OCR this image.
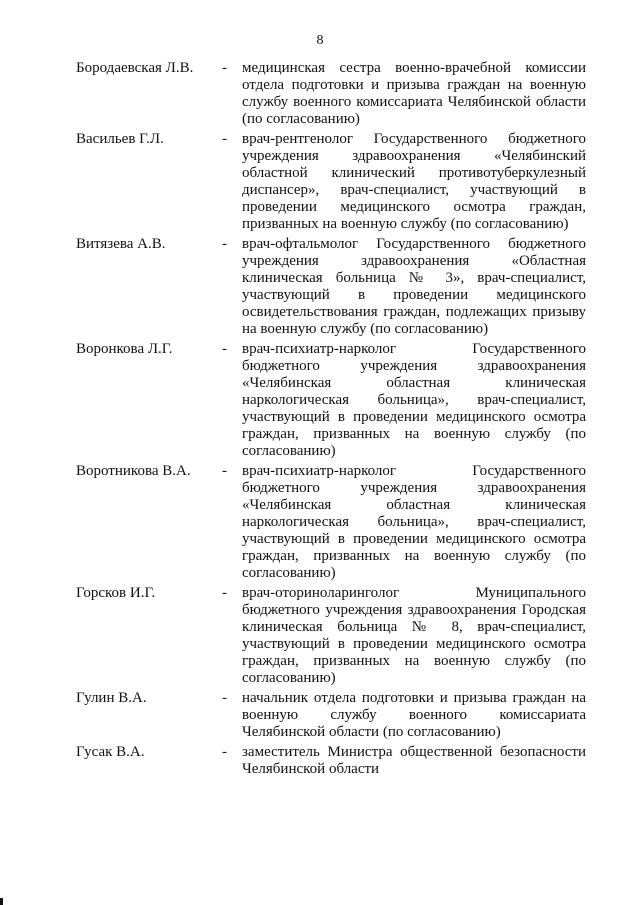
8
Бородаевская Л.В.	-	медицинская сестра военно-врачебной комиссии отдела подготовки и призыва граждан на военную службу военного комиссариата Челябинской области (по согласованию)
Васильев Г.Л.	-	врач-рентгенолог Государственного бюджетного учреждения здравоохранения «Челябинский областной клинический противотуберкулезный диспансер», врач-специалист, участвующий в проведении медицинского осмотра граждан, призванных на военную службу (по согласованию)
Витязева А.В.	-	врач-офтальмолог Государственного бюджетного учреждения здравоохранения «Областная клиническая больница № 3», врач-специалист, участвующий в проведении медицинского освидетельствования граждан, подлежащих призыву на военную службу (по согласованию)
Воронкова Л.Г.	-	врач-психиатр-нарколог Государственного бюджетного учреждения здравоохранения «Челябинская областная клиническая наркологическая больница», врач-специалист, участвующий в проведении медицинского осмотра граждан, призванных на военную службу (по согласованию)
Воротникова В.А.	-	врач-психиатр-нарколог Государственного бюджетного учреждения здравоохранения «Челябинская областная клиническая наркологическая больница», врач-специалист, участвующий в проведении медицинского осмотра граждан, призванных на военную службу (по согласованию)
Горсков И.Г.	-	врач-оториноларинголог Муниципального бюджетного учреждения здравоохранения Городская клиническая больница № 8, врач-специалист, участвующий в проведении медицинского осмотра граждан, призванных на военную службу (по согласованию)
Гулин В.А.	-	начальник отдела подготовки и призыва граждан на военную службу военного комиссариата Челябинской области (по согласованию)
Гусак В.А.	-	заместитель Министра общественной безопасности Челябинской области
